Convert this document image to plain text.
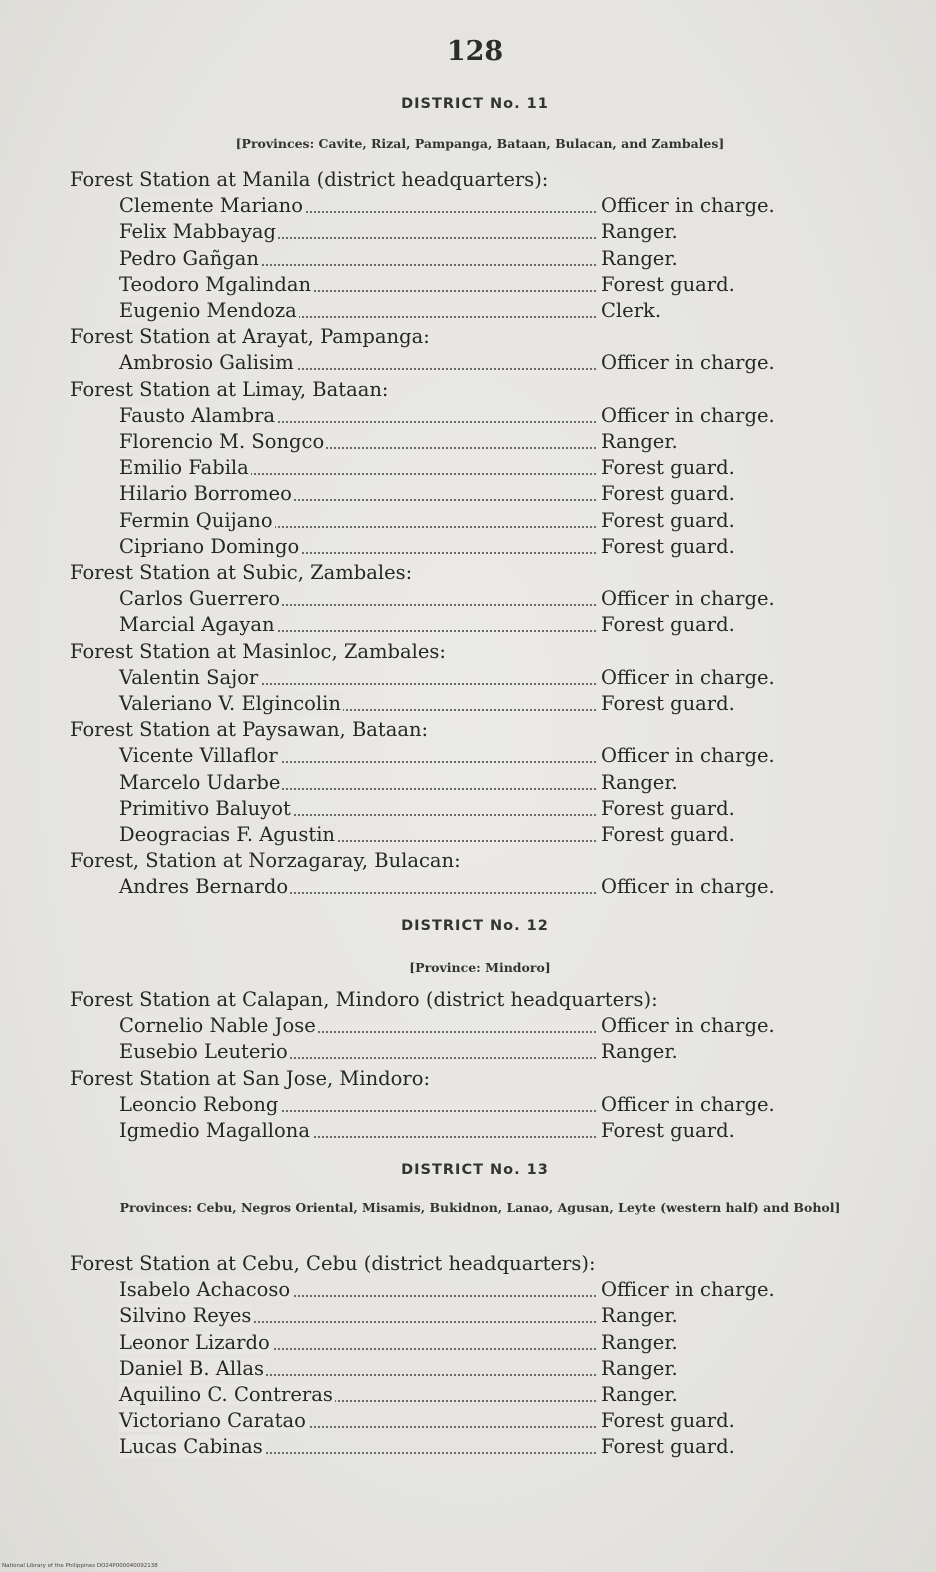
128
DISTRICT No. 11
[Provinces: Cavite, Rizal, Pampanga, Bataan, Bulacan, and Zambales]
Forest Station at Manila (district headquarters):
Clemente Mariano	Officer in charge.
Felix Mabbayag	Ranger.
Pedro Gañgan	Ranger.
Teodoro Mgalindan	Forest guard.
Eugenio Mendoza	Clerk.
Forest Station at Arayat, Pampanga:
Ambrosio Galisim	Officer in charge.
Forest Station at Limay, Bataan:
Fausto Alambra	Officer in charge.
Florencio M. Songco	Ranger.
Emilio Fabila	Forest guard.
Hilario Borromeo	Forest guard.
Fermin Quijano	Forest guard.
Cipriano Domingo	Forest guard.
Forest Station at Subic, Zambales:
Carlos Guerrero	Officer in charge.
Marcial Agayan	Forest guard.
Forest Station at Masinloc, Zambales:
Valentin Sajor	Officer in charge.
Valeriano V. Elgincolin	Forest guard.
Forest Station at Paysawan, Bataan:
Vicente Villaflor	Officer in charge.
Marcelo Udarbe	Ranger.
Primitivo Baluyot	Forest guard.
Deogracias F. Agustin	Forest guard.
Forest, Station at Norzagaray, Bulacan:
Andres Bernardo	Officer in charge.
DISTRICT No. 12
[Province: Mindoro]
Forest Station at Calapan, Mindoro (district headquarters):
Cornelio Nable Jose	Officer in charge.
Eusebio Leuterio	Ranger.
Forest Station at San Jose, Mindoro:
Leoncio Rebong	Officer in charge.
Igmedio Magallona	Forest guard.
DISTRICT No. 13
Provinces: Cebu, Negros Oriental, Misamis, Bukidnon, Lanao, Agusan, Leyte (western half) and Bohol]
Forest Station at Cebu, Cebu (district headquarters):
Isabelo Achacoso	Officer in charge.
Silvino Reyes	Ranger.
Leonor Lizardo	Ranger.
Daniel B. Allas	Ranger.
Aquilino C. Contreras	Ranger.
Victoriano Caratao	Forest guard.
Lucas Cabinas	Forest guard.
National Library of the Philippines DO24P000040092138
